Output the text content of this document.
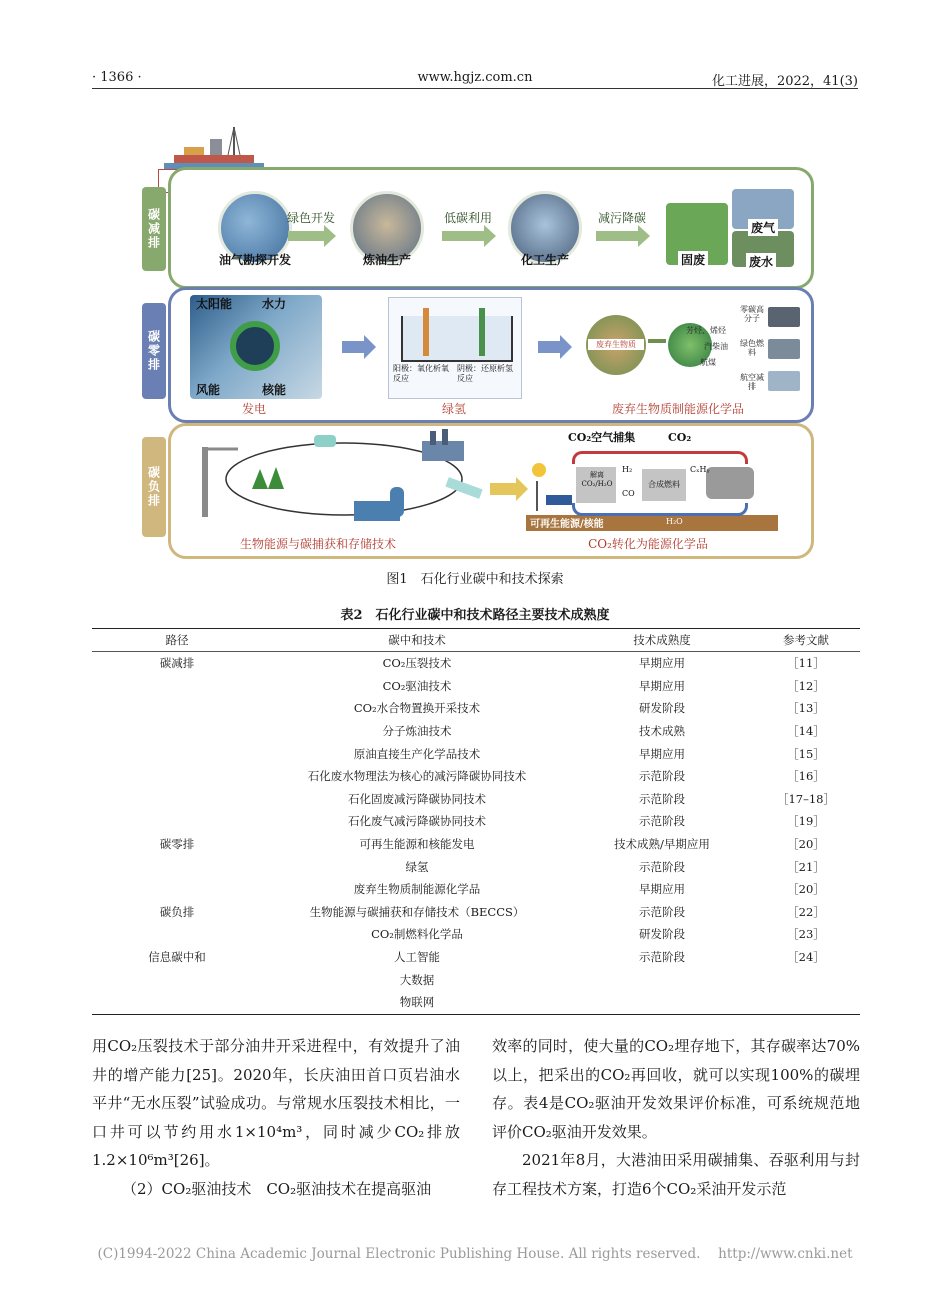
· 1366 ·	www.hgjz.com.cn	化工进展，2022，41(3)
碳减排
油气勘探开发
绿色开发
炼油生产
低碳利用
化工生产
减污降碳
废气
固废	废水
碳零排
太阳能 水力
风能	核能
发电
阳极：氧化析氧反应
阴极：还原析氢反应
绿氢
废弃生物质
芳烃、烯烃
汽柴油
航煤
零碳高分子
绿色燃料
航空减排
废弃生物质制能源化学品
碳负排
生物能源与碳捕获和存储技术
CO₂空气捕集	CO₂
解离 CO₂/H₂O
H₂
CO
合成燃料
CₓHᵧ
H₂O
可再生能源/核能
CO₂转化为能源化学品
图1　石化行业碳中和技术探索
表2　石化行业碳中和技术路径主要技术成熟度
路径	碳中和技术	技术成熟度	参考文献
碳减排	CO₂压裂技术	早期应用	［11］
	CO₂驱油技术	早期应用	［12］
	CO₂水合物置换开采技术	研发阶段	［13］
	分子炼油技术	技术成熟	［14］
	原油直接生产化学品技术	早期应用	［15］
	石化废水物理法为核心的减污降碳协同技术	示范阶段	［16］
	石化固废减污降碳协同技术	示范阶段	［17–18］
	石化废气减污降碳协同技术	示范阶段	［19］
碳零排	可再生能源和核能发电	技术成熟/早期应用	［20］
	绿氢	示范阶段	［21］
	废弃生物质制能源化学品	早期应用	［20］
碳负排	生物能源与碳捕获和存储技术（BECCS）	示范阶段	［22］
	CO₂制燃料化学品	研发阶段	［23］
信息碳中和	人工智能	示范阶段	［24］
	大数据		
	物联网		

用CO₂压裂技术于部分油井开采进程中，有效提升了油井的增产能力[25]。2020年，长庆油田首口页岩油水平井“无水压裂”试验成功。与常规水压裂技术相比，一口井可以节约用水1×10⁴m³，同时减少CO₂排放1.2×10⁶m³[26]。

（2）CO₂驱油技术　CO₂驱油技术在提高驱油

效率的同时，使大量的CO₂埋存地下，其存碳率达70%以上，把采出的CO₂再回收，就可以实现100%的碳埋存。表4是CO₂驱油开发效果评价标准，可系统规范地评价CO₂驱油开发效果。

2021年8月，大港油田采用碳捕集、吞驱利用与封存工程技术方案，打造6个CO₂采油开发示范

(C)1994-2022 China Academic Journal Electronic Publishing House. All rights reserved.　 http://www.cnki.net
